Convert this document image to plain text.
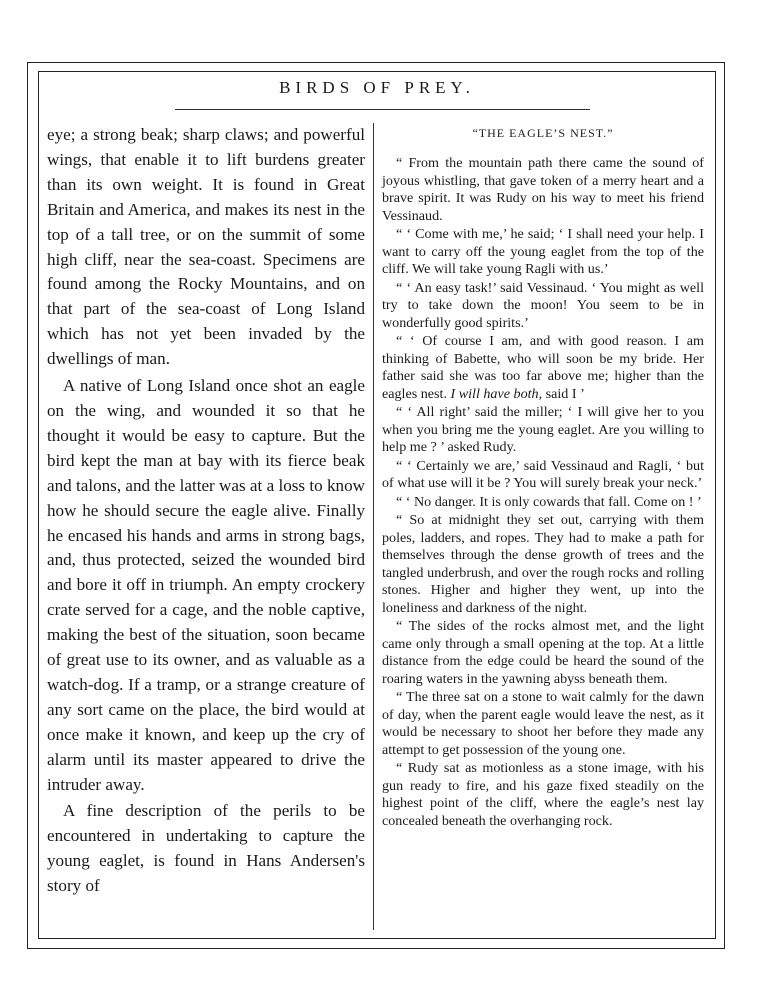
BIRDS OF PREY.

eye; a strong beak; sharp claws; and powerful wings, that enable it to lift burdens greater than its own weight. It is found in Great Britain and America, and makes its nest in the top of a tall tree, or on the summit of some high cliff, near the sea-coast. Specimens are found among the Rocky Mountains, and on that part of the sea-coast of Long Island which has not yet been invaded by the dwellings of man.

A native of Long Island once shot an eagle on the wing, and wounded it so that he thought it would be easy to capture. But the bird kept the man at bay with its fierce beak and talons, and the latter was at a loss to know how he should secure the eagle alive. Finally he encased his hands and arms in strong bags, and, thus protected, seized the wounded bird and bore it off in triumph. An empty crockery crate served for a cage, and the noble captive, making the best of the situation, soon became of great use to its owner, and as valuable as a watch-dog. If a tramp, or a strange creature of any sort came on the place, the bird would at once make it known, and keep up the cry of alarm until its master appeared to drive the intruder away.

A fine description of the perils to be encountered in undertaking to capture the young eaglet, is found in Hans Andersen's story of

“THE EAGLE’S NEST.”

“ From the mountain path there came the sound of joyous whistling, that gave token of a merry heart and a brave spirit. It was Rudy on his way to meet his friend Vessinaud.

“ ‘ Come with me,’ he said; ‘ I shall need your help. I want to carry off the young eaglet from the top of the cliff. We will take young Ragli with us.’

“ ‘ An easy task!’ said Vessinaud. ‘ You might as well try to take down the moon! You seem to be in wonderfully good spirits.’

“ ‘ Of course I am, and with good reason. I am thinking of Babette, who will soon be my bride. Her father said she was too far above me; higher than the eagles nest. I will have both, said I ’

“ ‘ All right’ said the miller; ‘ I will give her to you when you bring me the young eaglet. Are you willing to help me ? ’ asked Rudy.

“ ‘ Certainly we are,’ said Vessinaud and Ragli, ‘ but of what use will it be ? You will surely break your neck.’

“ ‘ No danger. It is only cowards that fall. Come on ! ’

“ So at midnight they set out, carrying with them poles, ladders, and ropes. They had to make a path for themselves through the dense growth of trees and the tangled underbrush, and over the rough rocks and rolling stones. Higher and higher they went, up into the loneliness and darkness of the night.

“ The sides of the rocks almost met, and the light came only through a small opening at the top. At a little distance from the edge could be heard the sound of the roaring waters in the yawning abyss beneath them.

“ The three sat on a stone to wait calmly for the dawn of day, when the parent eagle would leave the nest, as it would be necessary to shoot her before they made any attempt to get possession of the young one.

“ Rudy sat as motionless as a stone image, with his gun ready to fire, and his gaze fixed steadily on the highest point of the cliff, where the eagle’s nest lay concealed beneath the overhanging rock.
